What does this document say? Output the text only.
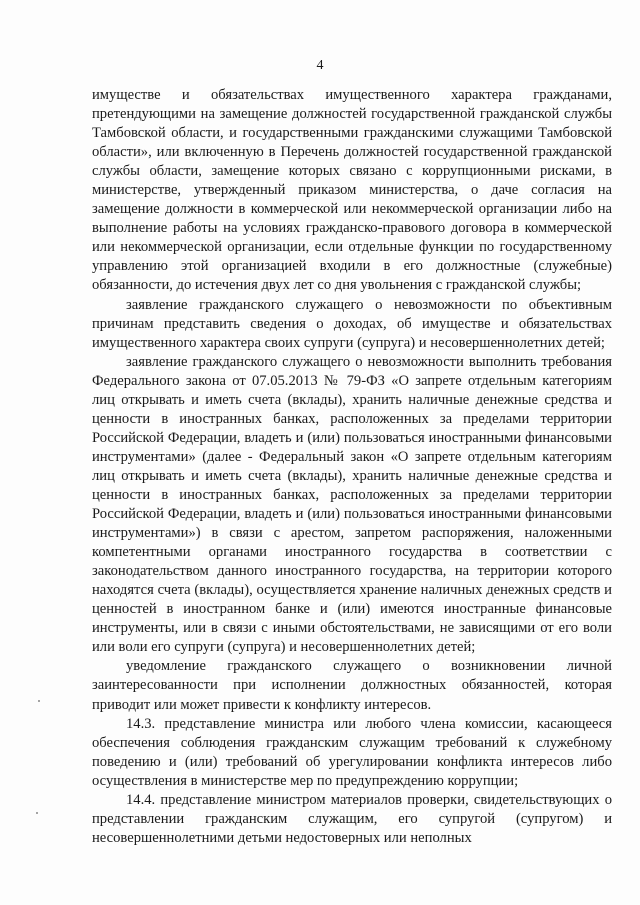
4

имуществе и обязательствах имущественного характера гражданами, претендующими на замещение должностей государственной гражданской службы Тамбовской области, и государственными гражданскими служащими Тамбовской области», или включенную в Перечень должностей государственной гражданской службы области, замещение которых связано с коррупционными рисками, в министерстве, утвержденный приказом министерства, о даче согласия на замещение должности в коммерческой или некоммерческой организации либо на выполнение работы на условиях гражданско-правового договора в коммерческой или некоммерческой организации, если отдельные функции по государственному управлению этой организацией входили в его должностные (служебные) обязанности, до истечения двух лет со дня увольнения с гражданской службы;

заявление гражданского служащего о невозможности по объективным причинам представить сведения о доходах, об имуществе и обязательствах имущественного характера своих супруги (супруга) и несовершеннолетних детей;

заявление гражданского служащего о невозможности выполнить требования Федерального закона от 07.05.2013 № 79-ФЗ «О запрете отдельным категориям лиц открывать и иметь счета (вклады), хранить наличные денежные средства и ценности в иностранных банках, расположенных за пределами территории Российской Федерации, владеть и (или) пользоваться иностранными финансовыми инструментами» (далее - Федеральный закон «О запрете отдельным категориям лиц открывать и иметь счета (вклады), хранить наличные денежные средства и ценности в иностранных банках, расположенных за пределами территории Российской Федерации, владеть и (или) пользоваться иностранными финансовыми инструментами») в связи с арестом, запретом распоряжения, наложенными компетентными органами иностранного государства в соответствии с законодательством данного иностранного государства, на территории которого находятся счета (вклады), осуществляется хранение наличных денежных средств и ценностей в иностранном банке и (или) имеются иностранные финансовые инструменты, или в связи с иными обстоятельствами, не зависящими от его воли или воли его супруги (супруга) и несовершеннолетних детей;

уведомление гражданского служащего о возникновении личной заинтересованности при исполнении должностных обязанностей, которая приводит или может привести к конфликту интересов.

14.3. представление министра или любого члена комиссии, касающееся обеспечения соблюдения гражданским служащим требований к служебному поведению и (или) требований об урегулировании конфликта интересов либо осуществления в министерстве мер по предупреждению коррупции;

14.4. представление министром материалов проверки, свидетельствующих о представлении гражданским служащим, его супругой (супругом) и несовершеннолетними детьми недостоверных или неполных
